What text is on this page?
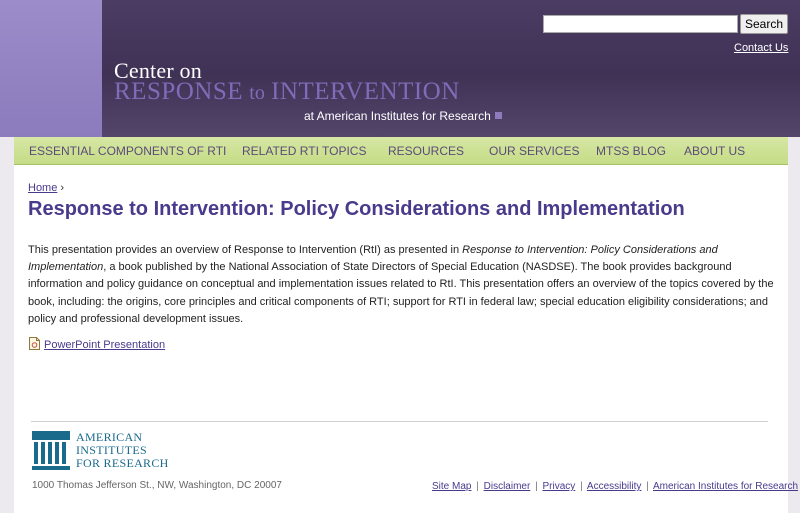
Search
Contact Us
Center on
RESPONSE to INTERVENTION
at American Institutes for Research
ESSENTIAL COMPONENTS OF RTI RELATED RTI TOPICS RESOURCES OUR SERVICES MTSS BLOG ABOUT US
Home ›
Response to Intervention: Policy Considerations and Implementation

This presentation provides an overview of Response to Intervention (RtI) as presented in Response to Intervention: Policy Considerations and Implementation, a book published by the National Association of State Directors of Special Education (NASDSE). The book provides background information and policy guidance on conceptual and implementation issues related to RtI. This presentation offers an overview of the topics covered by the book, including: the origins, core principles and critical components of RTI; support for RTI in federal law; special education eligibility considerations; and policy and professional development issues.

PowerPoint Presentation
AMERICAN
INSTITUTES
FOR RESEARCH
1000 Thomas Jefferson St., NW, Washington, DC 20007	Site Map | Disclaimer | Privacy | Accessibility | American Institutes for Research
